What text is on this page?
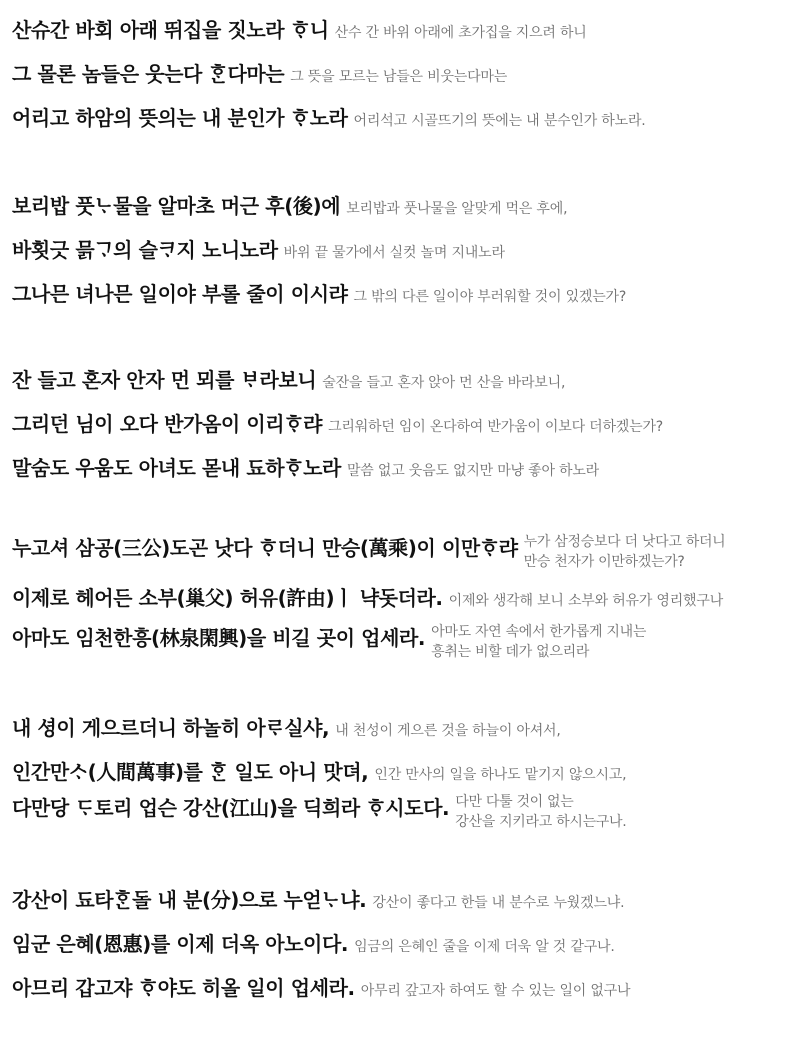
산슈간 바회 아래 뛰집을 짓노라 ᄒᆞ니 산수 간 바위 아래에 초가집을 지으려 하니
그 몰론 놈들은 웃는다 ᄒᆞᆫ다마는 그 뜻을 모르는 남들은 비웃는다마는
어리고 하암의 뜻의는 내 분인가 ᄒᆞ노라 어리석고 시골뜨기의 뜻에는 내 분수인가 하노라.
보리밥 풋ᄂᆞ물을 알마초 머근 후(後)에 보리밥과 풋나물을 알맞게 먹은 후에,
바횟긋 믉ᄀᆞ의 슬ᄏᆞ지 노니노라 바위 끝 물가에서 실컷 놀며 지내노라
그나믄 녀나믄 일이야 부롤 줄이 이시랴 그 밖의 다른 일이야 부러워할 것이 있겠는가?
잔 들고 혼자 안자 먼 뫼를 ᄇᆞ라보니 술잔을 들고 혼자 앉아 먼 산을 바라보니,
그리던 님이 오다 반가옴이 이리ᄒᆞ랴 그리워하던 임이 온다하여 반가움이 이보다 더하겠는가?
말숨도 우움도 아녀도 몯내 됴하ᄒᆞ노라 말씀 없고 웃음도 없지만 마냥 좋아 하노라
누고셔 삼공(三公)도곤 낫다 ᄒᆞ더니 만승(萬乘)이 이만ᄒᆞ랴 누가 삼정승보다 더 낫다고 하더니
만승 천자가 이만하겠는가?
이제로 헤어든 소부(巢父) 허유(許由)ㅣ 냑돗더라. 이제와 생각해 보니 소부와 허유가 영리했구나
아마도 임천한흥(林泉閑興)을 비길 곳이 업세라. 아마도 자연 속에서 한가롭게 지내는
흥취는 비할 데가 없으리라
내 셩이 게으르더니 하놀히 아ᄅᆞ실샤, 내 천성이 게으른 것을 하늘이 아셔서,
인간만ᄉᆞ(人間萬事)를 ᄒᆞᆫ 일도 아니 맛뎌, 인간 만사의 일을 하나도 맡기지 않으시고,
다만당 ᄃᆞ토리 업슨 강산(江山)을 딕희라 ᄒᆞ시도다. 다만 다툴 것이 없는
강산을 지키라고 하시는구나.
강산이 됴타ᄒᆞᆫ돌 내 분(分)으로 누얻ᄂᆞ냐. 강산이 좋다고 한들 내 분수로 누웠겠느냐.
임군 은혜(恩惠)를 이제 더옥 아노이다. 임금의 은혜인 줄을 이제 더욱 알 것 같구나.
아므리 갑고쟈 ᄒᆞ야도 히올 일이 업세라. 아무리 갚고자 하여도 할 수 있는 일이 없구나
